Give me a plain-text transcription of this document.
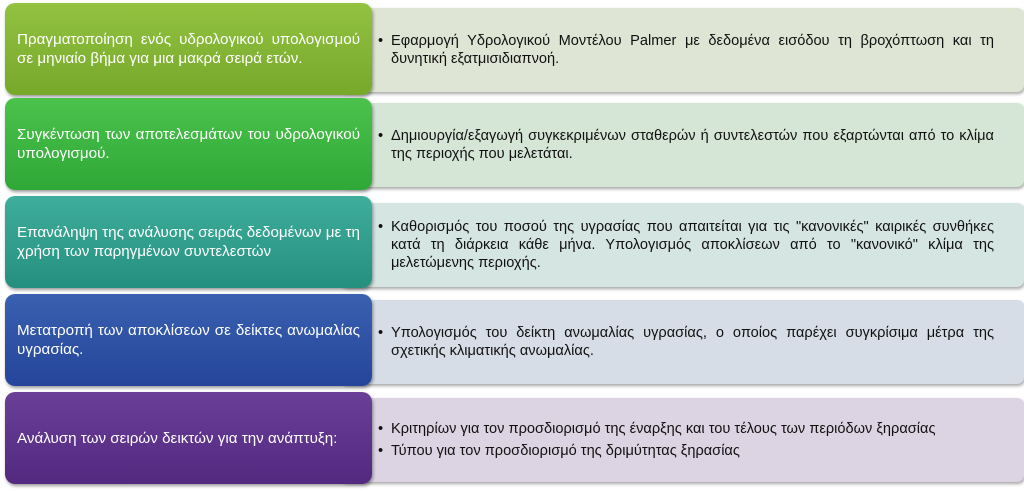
• Εφαρμογή Υδρολογικού Μοντέλου Palmer με δεδομένα εισόδου τη βροχόπτωση και τη δυνητική εξατμισιδιαπνοή.
Πραγματοποίηση ενός υδρολογικού υπολογισμού σε μηνιαίο βήμα για μια μακρά σειρά ετών.
• Δημιουργία/εξαγωγή συγκεκριμένων σταθερών ή συντελεστών που εξαρτώνται από το κλίμα της περιοχής που μελετάται.
Συγκέντωση των αποτελεσμάτων του υδρολογικού υπολογισμού.
• Καθορισμός του ποσού της υγρασίας που απαιτείται για τις "κανονικές" καιρικές συνθήκες κατά τη διάρκεια κάθε μήνα. Υπολογισμός αποκλίσεων από το "κανονικό" κλίμα της μελετώμενης περιοχής.
Επανάληψη της ανάλυσης σειράς δεδομένων με τη χρήση των παρηγμένων συντελεστών
• Υπολογισμός του δείκτη ανωμαλίας υγρασίας, ο οποίος παρέχει συγκρίσιμα μέτρα της σχετικής κλιματικής ανωμαλίας.
Μετατροπή των αποκλίσεων σε δείκτες ανωμαλίας υγρασίας.
• Κριτηρίων για τον προσδιορισμό της έναρξης και του τέλους των περιόδων ξηρασίας
• Τύπου για τον προσδιορισμό της δριμύτητας ξηρασίας
Ανάλυση των σειρών δεικτών για την ανάπτυξη:
